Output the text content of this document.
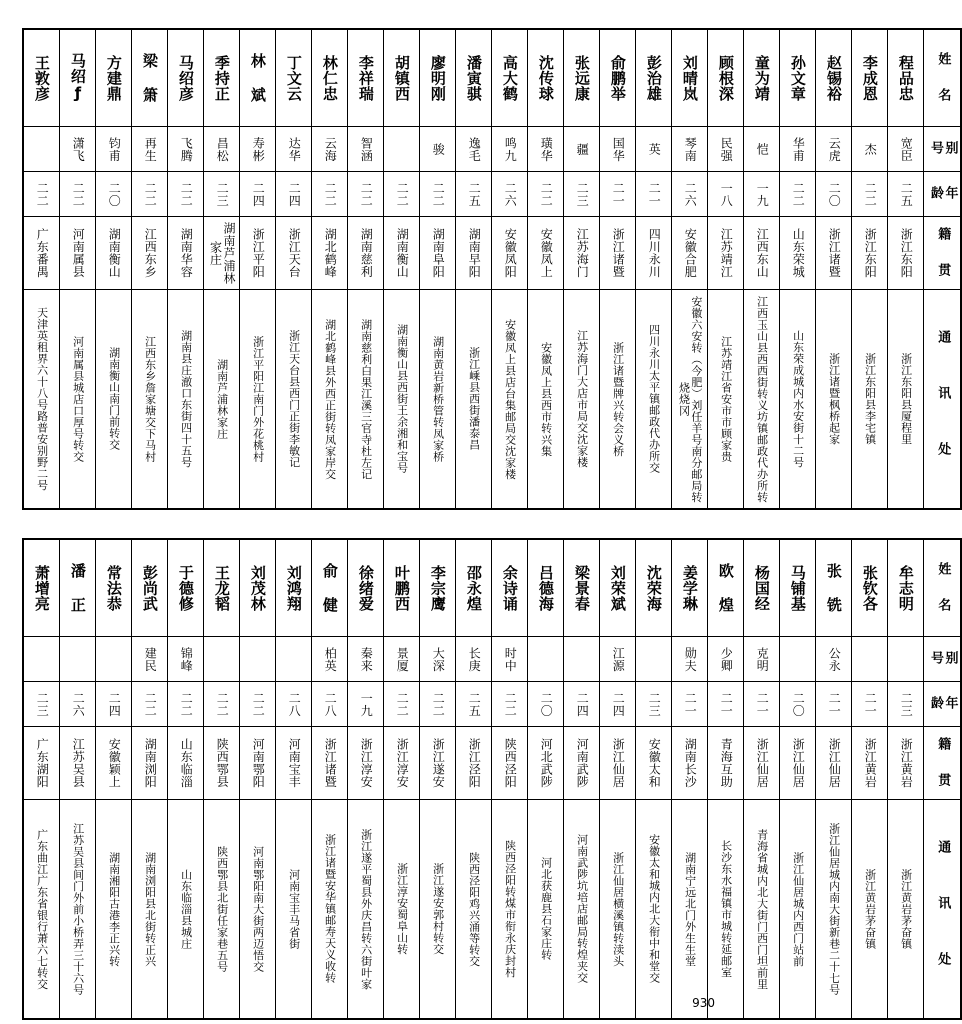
王敦彦	马绍ƒ	方建鼎	梁 箫	马绍彦	季持正	林 斌	丁文云	林仁忠	李祥瑞	胡镇西	廖明刚	潘寅骐	高大鹤	沈传球	张远康	俞鹏举	彭治雄	刘晴岚	顾根深	童为靖	孙文章	赵锡裕	李成恩	程品忠	姓 名
	潇飞	钧甫	再生	飞腾	昌松	寿彬	达华	云海	智涵		骏	逸毛	鸣九	璜华	疆	国华	英	琴南	民强	恺	华甫	云虎	杰	宽臣	别 号
二二	二二	二〇	二二	二二	二三	二四	二四	二二	二二	二二	二二	二五	二六	二二	二三	二一	二一	二六	一八	一九	二二	二〇	二二	二五	年 龄
广东番禺	河南属县	湖南衡山	江西东乡	湖南华容	湖南芦浦林家庄	浙江平阳	浙江天台	湖北鹤峰	湖南慈利	湖南衡山	湖南阜阳	湖南早阳	安徽凤阳	安徽凤上	江苏海门	浙江诸暨	四川永川	安徽合肥	江苏靖江	江西东山	山东荣城	浙江诸暨	浙江东阳	浙江东阳	籍 贯
天津英租界六十八号路普安别野二号	河南属县城店口厚号转交	湖南衡山南门前转交	江西东乡詹家塘交下马村	湖南县庄澈口东街四十五号	湖南芦浦林家庄	浙江平阳江南门外花桃村	浙江天台县西门正街李敏记	湖北鹤峰县外西正街转凤家岸交	湖南慈利白果江溪三官寺杜左记	湖南衡山县西街王余湘和宝号	湖南黄岩新桥管转凤家桥	浙江嵊县西街潘泰昌	安徽凤上县店台集邮局交沈家楼	安徽凤上县西市转兴集	江苏海门大店市局交沈家楼	浙江诸暨牌兴转会义桥	四川永川太平镇邮政代办所交	安徽六安转（今肥）刘任羊号南分邮局转烧烧冈	江苏靖江省安市市顾家贵	江西玉山县西西街转义坊镇邮政代办所转	山东荣成城内水安街十二号	浙江诸暨枫桥起家	浙江东阳县李宅镇	浙江东阳县厦程里	通 讯 处
萧增亮	潘 正	常法恭	彭尚武	于德修	王龙韬	刘茂林	刘鸿翔	俞 健	徐绪爱	叶鹏西	李宗鹰	邵永煌	余诗诵	吕德海	梁景春	刘荣斌	沈荣海	姜学琳	欧 煌	杨国经	马铺基	张 铣	张钦各	牟志明	姓 名
			建民	锦峰				柏英	秦来	景厦	大深	长庚	时中			江源		勋夫	少卿	克明		公永			别 号
二三	二六	二四	二二	二二	二二	二二	二八	二八	一九	二二	二二	二五	二二	二〇	二四	二四	二三	二一	二一	二一	二〇	二一	二一	二三	年 龄
广东湖阳	江苏吴县	安徽颖上	湖南浏阳	山东临淄	陕西鄂县	河南鄂阳	河南宝丰	浙江诸暨	浙江淳安	浙江淳安	浙江遂安	浙江泾阳	陕西泾阳	河北武陟	河南武陟	浙江仙居	安徽太和	湖南长沙	青海互助	浙江仙居	浙江仙居	浙江仙居	浙江黄岩	浙江黄岩	籍 贯
广东曲江广东省银行萧六七转交	江苏吴县间门外前小桥弄三十六号	湖南湘阳古港李正兴转	湖南浏阳县北街转正兴	山东临淄县城庄	陕西鄂县北街任家巷五号	河南鄂阳南大街两迈悟交	河南宝丰马省街	浙江诸暨安华镇邮寿天义收转	浙江遂平蜀县外庆昌转六街叶家	浙江淳安蜀阜山转	浙江遂安郭村转交	陕西泾阳鸡兴涌等转交	陕西泾阳转煤市衔永庆封村	河北获鹿县石家庄转	河南武陟坑培店邮局转煌夹交	浙江仙居横溪镇转渎头	安徽太和城内北大衔中和堂交	湖南宁远北门外生生堂	长沙东水福镇市城转延邮室	青海省城内北大街门西门坦前里	浙江仙居城内西门站前	浙江仙居城内南大街新巷二十七号	浙江黄岩茅奋镇	浙江黄岩茅奋镇	通 讯 处
930
